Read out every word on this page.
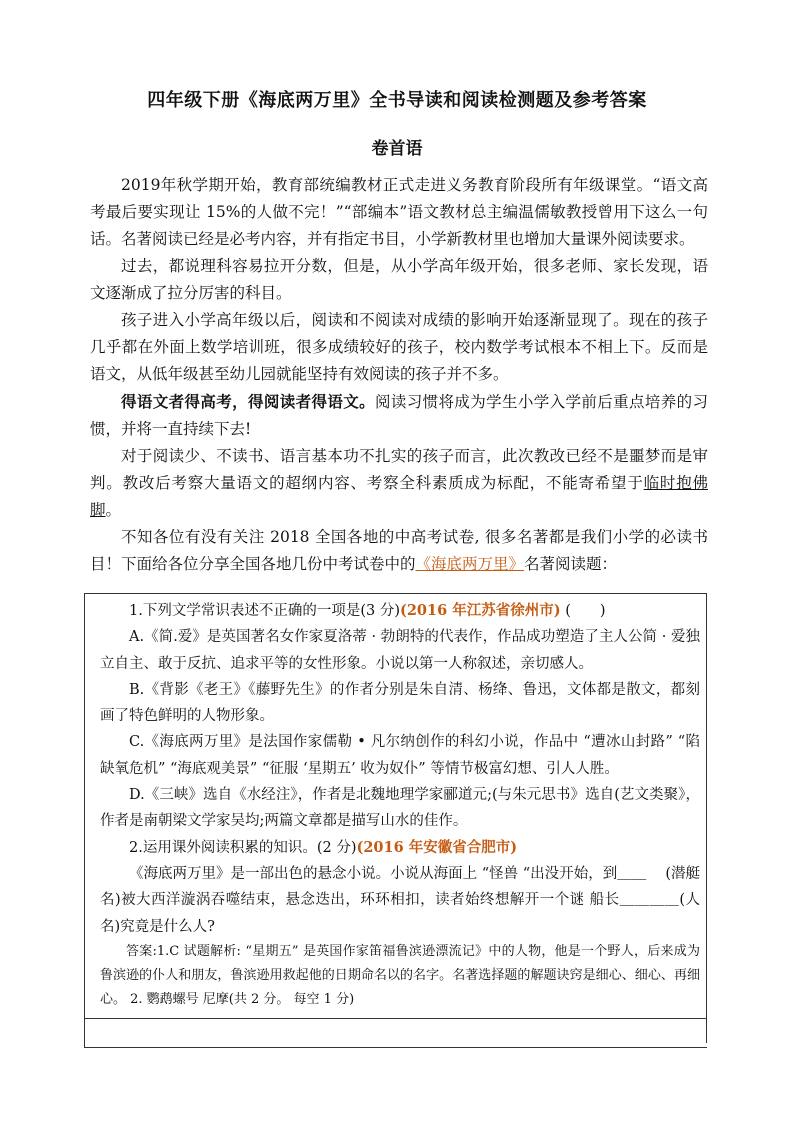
四年级下册《海底两万里》全书导读和阅读检测题及参考答案
卷首语

2019年秋学期开始，教育部统编教材正式走进义务教育阶段所有年级课堂。“语文高考最后要实现让 15%的人做不完！”“部编本”语文教材总主编温儒敏教授曾用下这么一句话。名著阅读已经是必考内容，并有指定书目，小学新教材里也增加大量课外阅读要求。

过去，都说理科容易拉开分数，但是，从小学高年级开始，很多老师、家长发现，语文逐渐成了拉分厉害的科目。

孩子进入小学高年级以后，阅读和不阅读对成绩的影响开始逐渐显现了。现在的孩子几乎都在外面上数学培训班，很多成绩较好的孩子，校内数学考试根本不相上下。反而是语文，从低年级甚至幼儿园就能坚持有效阅读的孩子并不多。

得语文者得高考，得阅读者得语文。阅读习惯将成为学生小学入学前后重点培养的习惯，并将一直持续下去!

对于阅读少、不读书、语言基本功不扎实的孩子而言，此次教改已经不是噩梦而是审判。教改后考察大量语文的超纲内容、考察全科素质成为标配，不能寄希望于临时抱佛脚。

不知各位有没有关注 2018 全国各地的中高考试卷, 很多名著都是我们小学的必读书目！下面给各位分享全国各地几份中考试卷中的《海底两万里》名著阅读题：

1.下列文学常识表述不正确的一项是(3 分)(2016 年江苏省徐州市) (　　)

A.《简.爱》是英国著名女作家夏洛蒂 · 勃朗特的代表作，作品成功塑造了主人公简 · 爱独立自主、敢于反抗、追求平等的女性形象。小说以第一人称叙述，亲切感人。

B.《背影《老王》《藤野先生》的作者分别是朱自清、杨绛、鲁迅，文体都是散文，都刻画了特色鲜明的人物形象。

C.《海底两万里》是法国作家儒勒 • 凡尔纳创作的科幻小说，作品中 “遭冰山封路” “陷缺氧危机” “海底观美景” “征服 ‘星期五’ 收为奴仆” 等情节极富幻想、引人人胜。

D.《三峡》选自《水经注》，作者是北魏地理学家郦道元;(与朱元思书》选自(艺文类聚》，作者是南朝梁文学家吴均;两篇文章都是描写山水的佳作。

2.运用课外阅读积累的知识。(2 分)(2016 年安徽省合肥市)

《海底两万里》是一部出色的悬念小说。小说从海面上 “怪兽 “出没开始，到＿＿　 (潜艇名)被大西洋漩涡吞噬结束，悬念迭出，环环相扣，读者始终想解开一个谜 船长＿＿＿＿(人名)究竟是什么人?

答案:1.C 试题解析: “星期五” 是英国作家笛福鲁滨逊漂流记》中的人物，他是一个野人，后来成为鲁滨逊的仆人和朋友，鲁滨逊用救起他的日期命名以的名字。名著选择题的解题诀窍是细心、细心、再细心。 2. 鹦鹉螺号 尼摩(共 2 分。 每空 1 分)
